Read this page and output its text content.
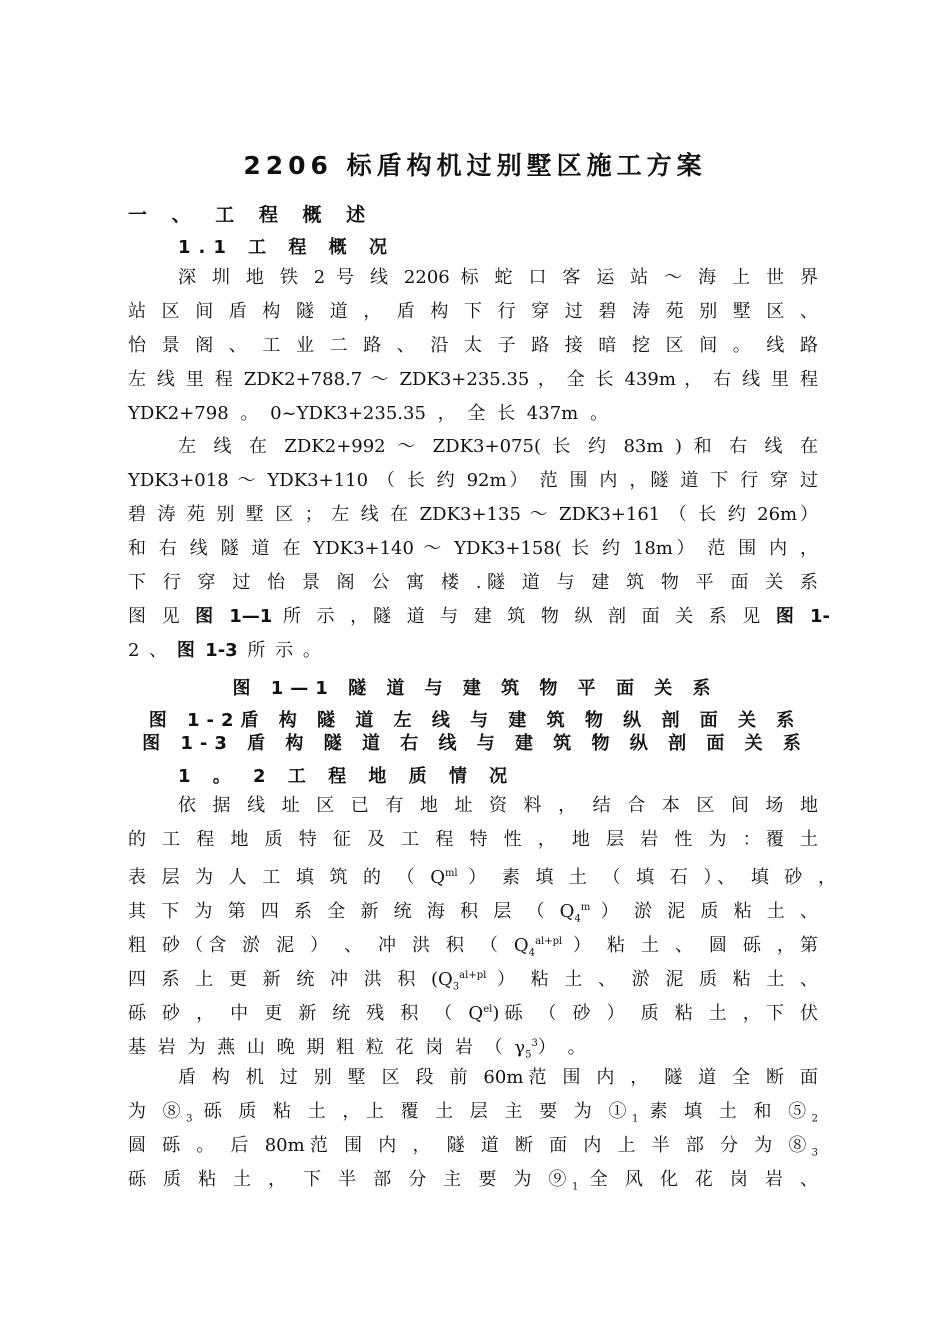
2206 标盾构机过别墅区施工方案
一 、 工 程 概 述
1.1 工 程 概 况
深 圳 地 铁 2 号 线 2206 标 蛇 口 客 运 站 ～ 海 上 世 界
站 区 间 盾 构 隧 道 ， 盾 构 下 行 穿 过 碧 涛 苑 别 墅 区 、
怡 景 阁 、 工 业 二 路 、 沿 太 子 路 接 暗 挖 区 间 。 线 路
左 线 里 程 ZDK2+788.7 ～ ZDK3+235.35 ， 全 长 439m ， 右 线 里 程
YDK2+798 。 0~YDK3+235.35 ， 全 长 437m 。
左 线 在 ZDK2+992 ～ ZDK3+075( 长 约 83m ) 和 右 线 在
YDK3+018 ～ YDK3+110 （ 长 约 92m） 范 围 内 ，隧 道 下 行 穿 过
碧 涛 苑 别 墅 区 ； 左 线 在 ZDK3+135 ～ ZDK3+161 （ 长 约 26m）
和 右 线 隧 道 在 YDK3+140 ～ YDK3+158( 长 约 18m） 范 围 内 ，
下 行 穿 过 怡 景 阁 公 寓 楼 .隧 道 与 建 筑 物 平 面 关 系
图 见 图 1—1 所 示 ，隧 道 与 建 筑 物 纵 剖 面 关 系 见 图 1-
2 、 图 1-3 所 示 。
图 1—1 隧 道 与 建 筑 物 平 面 关 系
图 1-2盾 构 隧 道 左 线 与 建 筑 物 纵 剖 面 关 系
图 1-3 盾 构 隧 道 右 线 与 建 筑 物 纵 剖 面 关 系
1 。 2 工 程 地 质 情 况
依 据 线 址 区 已 有 地 址 资 料 ， 结 合 本 区 间 场 地
的 工 程 地 质 特 征 及 工 程 特 性 ， 地 层 岩 性 为 ：覆 土
表 层 为 人 工 填 筑 的 （ $Q^{ml}$ ） 素 填 土 （ 填 石 ）、 填 砂 ，
其 下 为 第 四 系 全 新 统 海 积 层 （ $Q_4^m$ ） 淤 泥 质 粘 土 、
粗 砂（含 淤 泥 ） 、 冲 洪 积 （ $Q_4^{al+pl}$ ） 粘 土 、 圆 砾 ，第
四 系 上 更 新 统 冲 洪 积 ($Q_3^{al+pl}$ ） 粘 土 、 淤 泥 质 粘 土 、
砾 砂 ， 中 更 新 统 残 积 （ $Q^{el}$)砾 （ 砂 ） 质 粘 土 ，下 伏
基 岩 为 燕 山 晚 期 粗 粒 花 岗 岩 （ $\gamma_5^3$） 。
盾 构 机 过 别 墅 区 段 前 60m范 围 内 ， 隧 道 全 断 面
为 $⑧_3$ 砾 质 粘 土 ，上 覆 土 层 主 要 为 $①_1$ 素 填 土 和 $⑤_2$
圆 砾 。 后 80m范 围 内 ， 隧 道 断 面 内 上 半 部 分 为 $⑧_3$
砾 质 粘 土 ， 下 半 部 分 主 要 为 $⑨_1$ 全 风 化 花 岗 岩 、
